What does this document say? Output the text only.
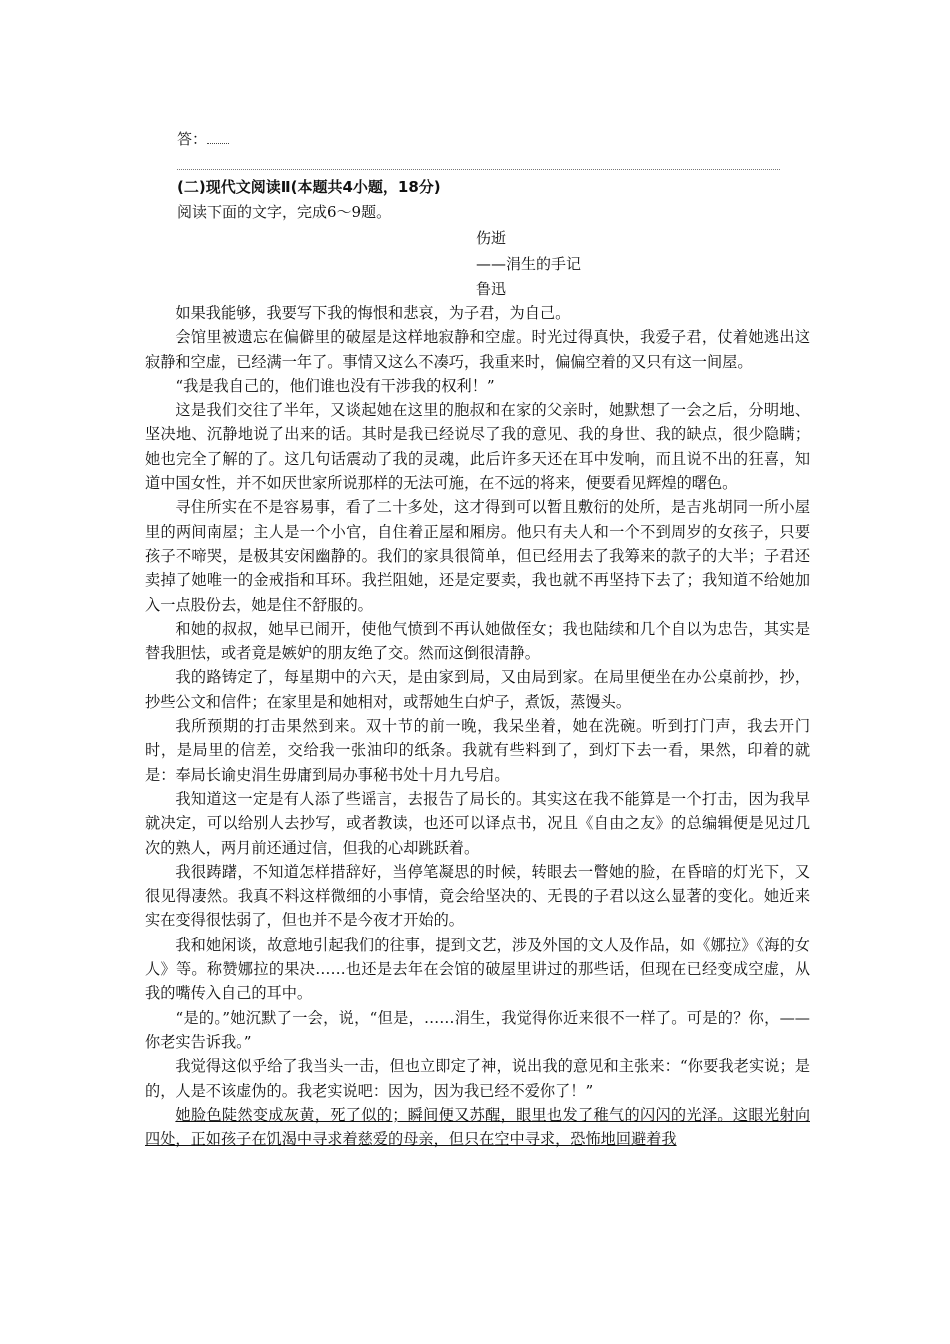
答：
(二)现代文阅读Ⅱ(本题共4小题，18分)
阅读下面的文字，完成6～9题。
伤逝
——涓生的手记
鲁迅

如果我能够，我要写下我的悔恨和悲哀，为子君，为自己。

会馆里被遗忘在偏僻里的破屋是这样地寂静和空虚。时光过得真快，我爱子君，仗着她逃出这寂静和空虚，已经满一年了。事情又这么不凑巧，我重来时，偏偏空着的又只有这一间屋。

“我是我自己的，他们谁也没有干涉我的权利！”

这是我们交往了半年，又谈起她在这里的胞叔和在家的父亲时，她默想了一会之后，分明地、坚决地、沉静地说了出来的话。其时是我已经说尽了我的意见、我的身世、我的缺点，很少隐瞒；她也完全了解的了。这几句话震动了我的灵魂，此后许多天还在耳中发响，而且说不出的狂喜，知道中国女性，并不如厌世家所说那样的无法可施，在不远的将来，便要看见辉煌的曙色。

寻住所实在不是容易事，看了二十多处，这才得到可以暂且敷衍的处所，是吉兆胡同一所小屋里的两间南屋；主人是一个小官，自住着正屋和厢房。他只有夫人和一个不到周岁的女孩子，只要孩子不啼哭，是极其安闲幽静的。我们的家具很简单，但已经用去了我筹来的款子的大半；子君还卖掉了她唯一的金戒指和耳环。我拦阻她，还是定要卖，我也就不再坚持下去了；我知道不给她加入一点股份去，她是住不舒服的。

和她的叔叔，她早已闹开，使他气愤到不再认她做侄女；我也陆续和几个自以为忠告，其实是替我胆怯，或者竟是嫉妒的朋友绝了交。然而这倒很清静。

我的路铸定了，每星期中的六天，是由家到局，又由局到家。在局里便坐在办公桌前抄，抄，抄些公文和信件；在家里是和她相对，或帮她生白炉子，煮饭，蒸馒头。

我所预期的打击果然到来。双十节的前一晚，我呆坐着，她在洗碗。听到打门声，我去开门时，是局里的信差，交给我一张油印的纸条。我就有些料到了，到灯下去一看，果然，印着的就是：奉局长谕史涓生毋庸到局办事秘书处十月九号启。

我知道这一定是有人添了些谣言，去报告了局长的。其实这在我不能算是一个打击，因为我早就决定，可以给别人去抄写，或者教读，也还可以译点书，况且《自由之友》的总编辑便是见过几次的熟人，两月前还通过信，但我的心却跳跃着。

我很踌躇，不知道怎样措辞好，当停笔凝思的时候，转眼去一瞥她的脸，在昏暗的灯光下，又很见得凄然。我真不料这样微细的小事情，竟会给坚决的、无畏的子君以这么显著的变化。她近来实在变得很怯弱了，但也并不是今夜才开始的。

我和她闲谈，故意地引起我们的往事，提到文艺，涉及外国的文人及作品，如《娜拉》《海的女人》等。称赞娜拉的果决……也还是去年在会馆的破屋里讲过的那些话，但现在已经变成空虚，从我的嘴传入自己的耳中。

“是的。”她沉默了一会，说，“但是，……涓生，我觉得你近来很不一样了。可是的？你，——你老实告诉我。”

我觉得这似乎给了我当头一击，但也立即定了神，说出我的意见和主张来：“你要我老实说；是的，人是不该虚伪的。我老实说吧：因为，因为我已经不爱你了！”

她脸色陡然变成灰黄，死了似的；瞬间便又苏醒，眼里也发了稚气的闪闪的光泽。这眼光射向四处，正如孩子在饥渴中寻求着慈爱的母亲，但只在空中寻求，恐怖地回避着我
